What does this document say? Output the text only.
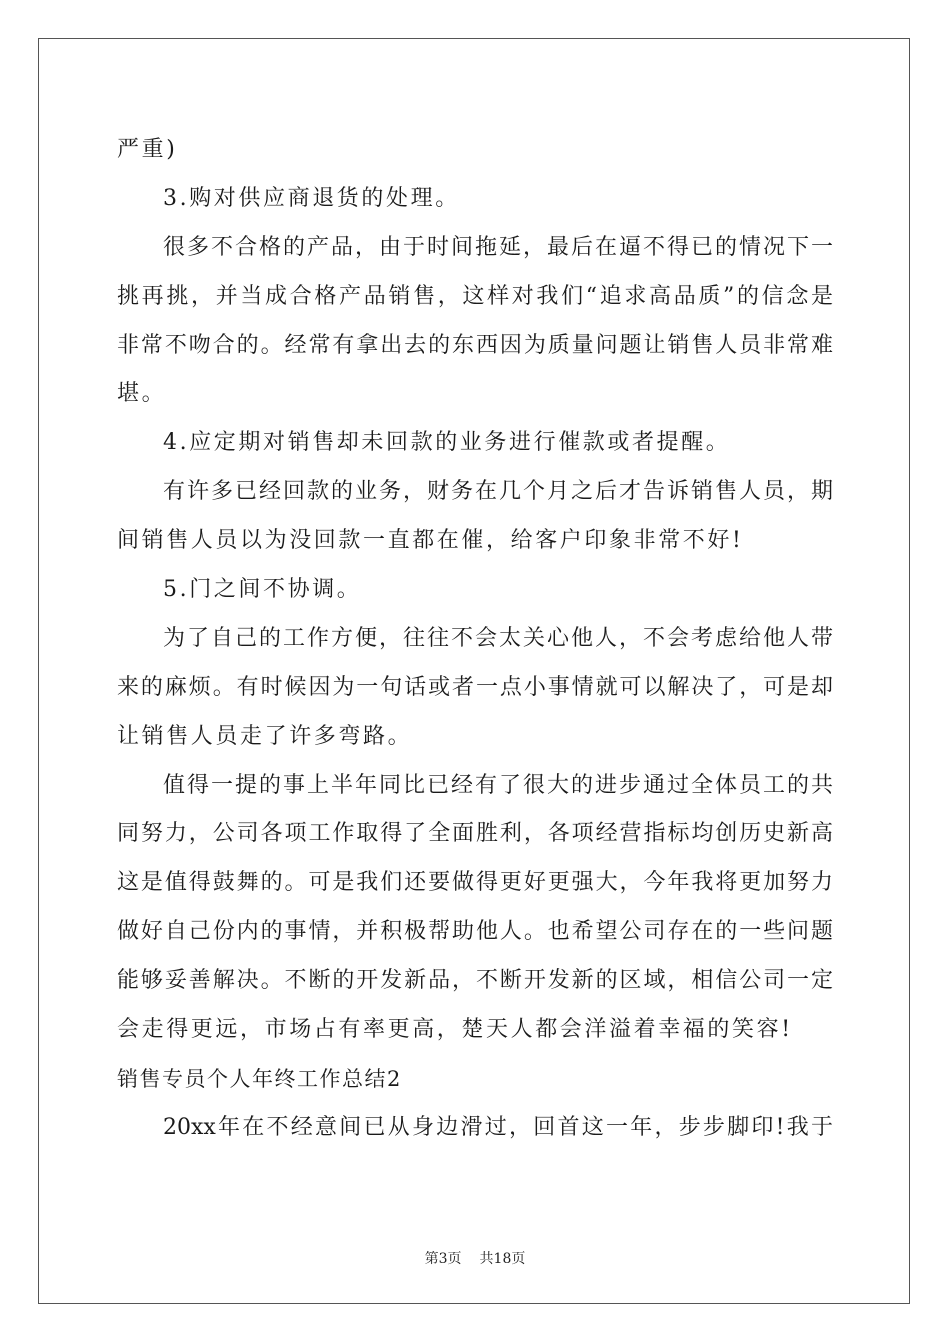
严重)
3.购对供应商退货的处理。
很多不合格的产品，由于时间拖延，最后在逼不得已的情况下一
挑再挑，并当成合格产品销售，这样对我们“追求高品质”的信念是
非常不吻合的。经常有拿出去的东西因为质量问题让销售人员非常难
堪。
4.应定期对销售却未回款的业务进行催款或者提醒。
有许多已经回款的业务，财务在几个月之后才告诉销售人员，期
间销售人员以为没回款一直都在催，给客户印象非常不好!
5.门之间不协调。
为了自己的工作方便，往往不会太关心他人，不会考虑给他人带
来的麻烦。有时候因为一句话或者一点小事情就可以解决了，可是却
让销售人员走了许多弯路。
值得一提的事上半年同比已经有了很大的进步通过全体员工的共
同努力，公司各项工作取得了全面胜利，各项经营指标均创历史新高
这是值得鼓舞的。可是我们还要做得更好更强大，今年我将更加努力
做好自己份内的事情，并积极帮助他人。也希望公司存在的一些问题
能够妥善解决。不断的开发新品，不断开发新的区域，相信公司一定
会走得更远，市场占有率更高，楚天人都会洋溢着幸福的笑容!
销售专员个人年终工作总结2
20xx年在不经意间已从身边滑过，回首这一年，步步脚印!我于
第3页 共18页
